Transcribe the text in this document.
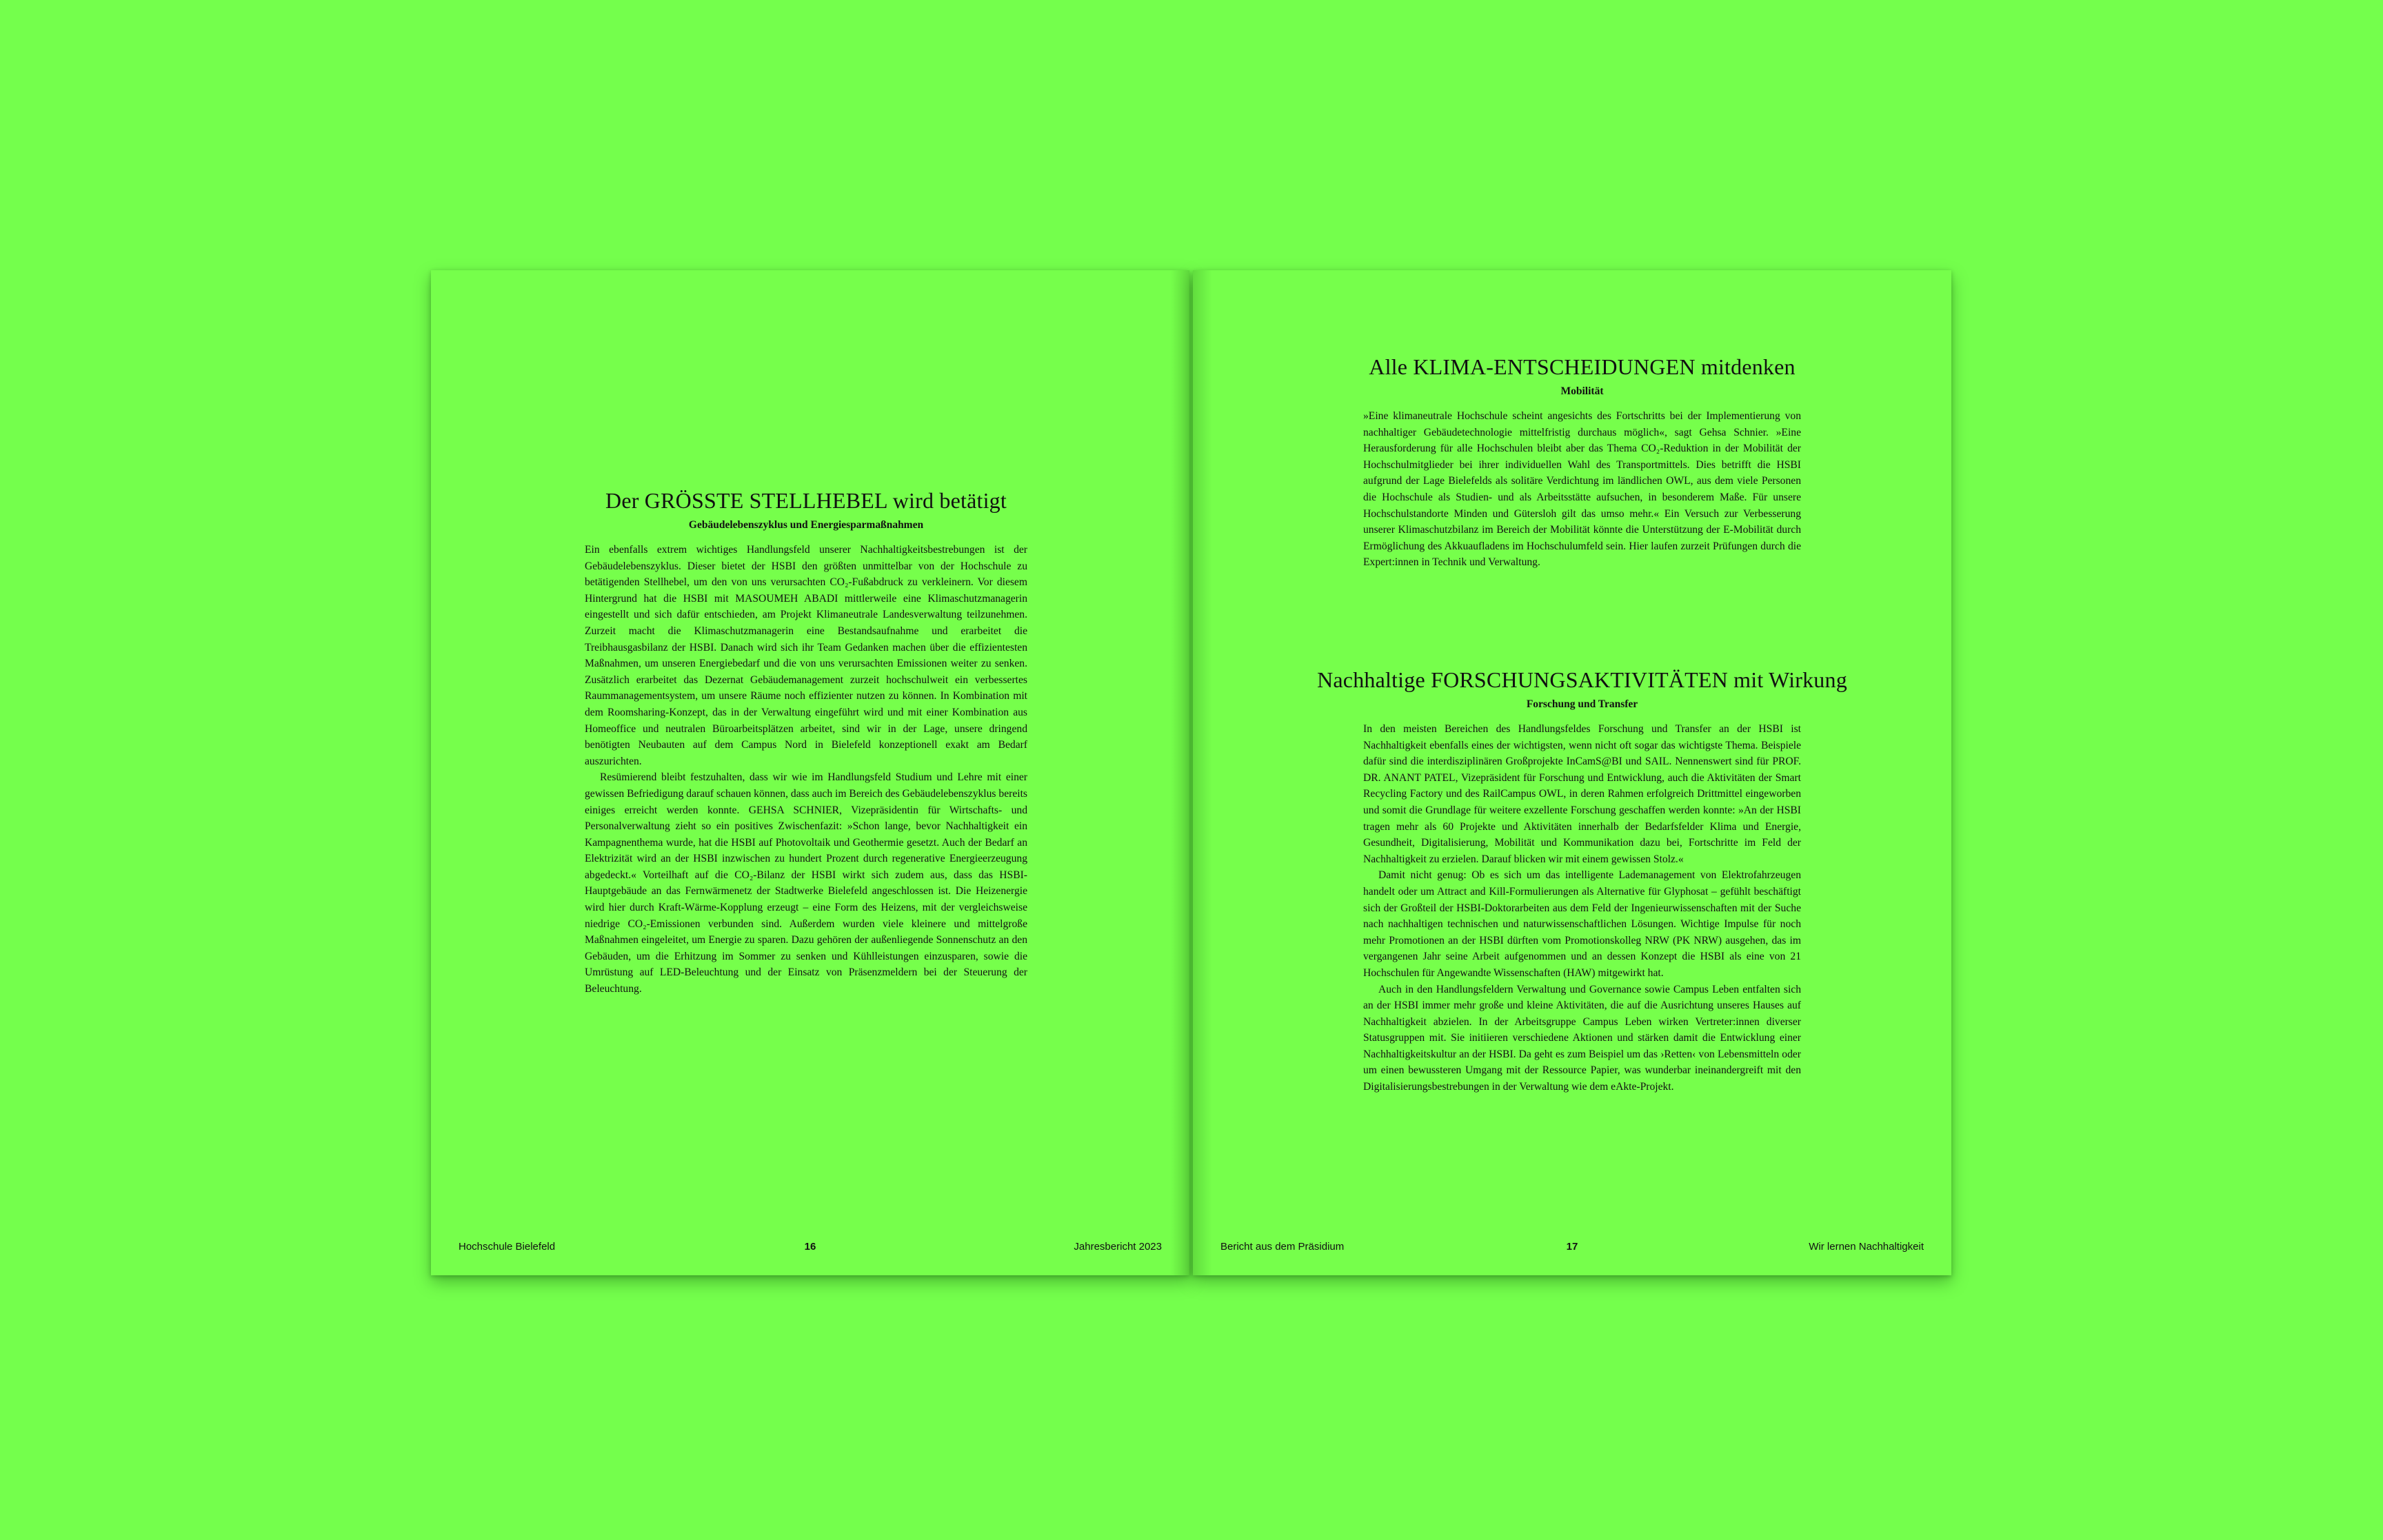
Der GRÖSSTE STELLHEBEL wird betätigt
Gebäudelebenszyklus und Energiesparmaßnahmen

Ein ebenfalls extrem wichtiges Handlungsfeld unserer Nachhaltigkeitsbestrebungen ist der Gebäudelebenszyklus. Dieser bietet der HSBI den größten unmittelbar von der Hochschule zu betätigenden Stellhebel, um den von uns verursachten CO₂-Fußabdruck zu verkleinern. Vor diesem Hintergrund hat die HSBI mit MASOUMEH ABADI mittlerweile eine Klimaschutzmanagerin eingestellt und sich dafür entschieden, am Projekt Klimaneutrale Landesverwaltung teilzunehmen. Zurzeit macht die Klimaschutzmanagerin eine Bestandsaufnahme und erarbeitet die Treibhausgasbilanz der HSBI. Danach wird sich ihr Team Gedanken machen über die effizientesten Maßnahmen, um unseren Energiebedarf und die von uns verursachten Emissionen weiter zu senken. Zusätzlich erarbeitet das Dezernat Gebäudemanagement zurzeit hochschulweit ein verbessertes Raummanagementsystem, um unsere Räume noch effizienter nutzen zu können. In Kombination mit dem Roomsharing-Konzept, das in der Verwaltung eingeführt wird und mit einer Kombination aus Homeoffice und neutralen Büroarbeitsplätzen arbeitet, sind wir in der Lage, unsere dringend benötigten Neubauten auf dem Campus Nord in Bielefeld konzeptionell exakt am Bedarf auszurichten.

Resümierend bleibt festzuhalten, dass wir wie im Handlungsfeld Studium und Lehre mit einer gewissen Befriedigung darauf schauen können, dass auch im Bereich des Gebäudelebenszyklus bereits einiges erreicht werden konnte. GEHSA SCHNIER, Vizepräsidentin für Wirtschafts- und Personalverwaltung zieht so ein positives Zwischenfazit: »Schon lange, bevor Nachhaltigkeit ein Kampagnenthema wurde, hat die HSBI auf Photovoltaik und Geothermie gesetzt. Auch der Bedarf an Elektrizität wird an der HSBI inzwischen zu hundert Prozent durch regenerative Energieerzeugung abgedeckt.« Vorteilhaft auf die CO₂-Bilanz der HSBI wirkt sich zudem aus, dass das HSBI-Hauptgebäude an das Fernwärmenetz der Stadtwerke Bielefeld angeschlossen ist. Die Heizenergie wird hier durch Kraft-Wärme-Kopplung erzeugt – eine Form des Heizens, mit der vergleichsweise niedrige CO₂-Emissionen verbunden sind. Außerdem wurden viele kleinere und mittelgroße Maßnahmen eingeleitet, um Energie zu sparen. Dazu gehören der außenliegende Sonnenschutz an den Gebäuden, um die Erhitzung im Sommer zu senken und Kühlleistungen einzusparen, sowie die Umrüstung auf LED-Beleuchtung und der Einsatz von Präsenzmeldern bei der Steuerung der Beleuchtung.

Hochschule Bielefeld	16	Jahresbericht 2023
Alle KLIMA-ENTSCHEIDUNGEN mitdenken
Mobilität

»Eine klimaneutrale Hochschule scheint angesichts des Fortschritts bei der Implementierung von nachhaltiger Gebäudetechnologie mittelfristig durchaus möglich«, sagt Gehsa Schnier. »Eine Herausforderung für alle Hochschulen bleibt aber das Thema CO₂-Reduktion in der Mobilität der Hochschulmitglieder bei ihrer individuellen Wahl des Transportmittels. Dies betrifft die HSBI aufgrund der Lage Bielefelds als solitäre Verdichtung im ländlichen OWL, aus dem viele Personen die Hochschule als Studien- und als Arbeitsstätte aufsuchen, in besonderem Maße. Für unsere Hochschulstandorte Minden und Gütersloh gilt das umso mehr.« Ein Versuch zur Verbesserung unserer Klimaschutzbilanz im Bereich der Mobilität könnte die Unterstützung der E-Mobilität durch Ermöglichung des Akkuaufladens im Hochschulumfeld sein. Hier laufen zurzeit Prüfungen durch die Expert:innen in Technik und Verwaltung.

Nachhaltige FORSCHUNGSAKTIVITÄTEN mit Wirkung
Forschung und Transfer

In den meisten Bereichen des Handlungsfeldes Forschung und Transfer an der HSBI ist Nachhaltigkeit ebenfalls eines der wichtigsten, wenn nicht oft sogar das wichtigste Thema. Beispiele dafür sind die interdisziplinären Großprojekte InCamS@BI und SAIL. Nennenswert sind für PROF. DR. ANANT PATEL, Vizepräsident für Forschung und Entwicklung, auch die Aktivitäten der Smart Recycling Factory und des RailCampus OWL, in deren Rahmen erfolgreich Drittmittel eingeworben und somit die Grundlage für weitere exzellente Forschung geschaffen werden konnte: »An der HSBI tragen mehr als 60 Projekte und Aktivitäten innerhalb der Bedarfsfelder Klima und Energie, Gesundheit, Digitalisierung, Mobilität und Kommunikation dazu bei, Fortschritte im Feld der Nachhaltigkeit zu erzielen. Darauf blicken wir mit einem gewissen Stolz.«

Damit nicht genug: Ob es sich um das intelligente Lademanagement von Elektrofahrzeugen handelt oder um Attract and Kill-Formulierungen als Alternative für Glyphosat – gefühlt beschäftigt sich der Großteil der HSBI-Doktorarbeiten aus dem Feld der Ingenieurwissenschaften mit der Suche nach nachhaltigen technischen und naturwissenschaftlichen Lösungen. Wichtige Impulse für noch mehr Promotionen an der HSBI dürften vom Promotionskolleg NRW (PK NRW) ausgehen, das im vergangenen Jahr seine Arbeit aufgenommen und an dessen Konzept die HSBI als eine von 21 Hochschulen für Angewandte Wissenschaften (HAW) mitgewirkt hat.

Auch in den Handlungsfeldern Verwaltung und Governance sowie Campus Leben entfalten sich an der HSBI immer mehr große und kleine Aktivitäten, die auf die Ausrichtung unseres Hauses auf Nachhaltigkeit abzielen. In der Arbeitsgruppe Campus Leben wirken Vertreter:innen diverser Statusgruppen mit. Sie initiieren verschiedene Aktionen und stärken damit die Entwicklung einer Nachhaltigkeitskultur an der HSBI. Da geht es zum Beispiel um das ›Retten‹ von Lebensmitteln oder um einen bewussteren Umgang mit der Ressource Papier, was wunderbar ineinandergreift mit den Digitalisierungsbestrebungen in der Verwaltung wie dem eAkte-Projekt.

Bericht aus dem Präsidium	17	Wir lernen Nachhaltigkeit
